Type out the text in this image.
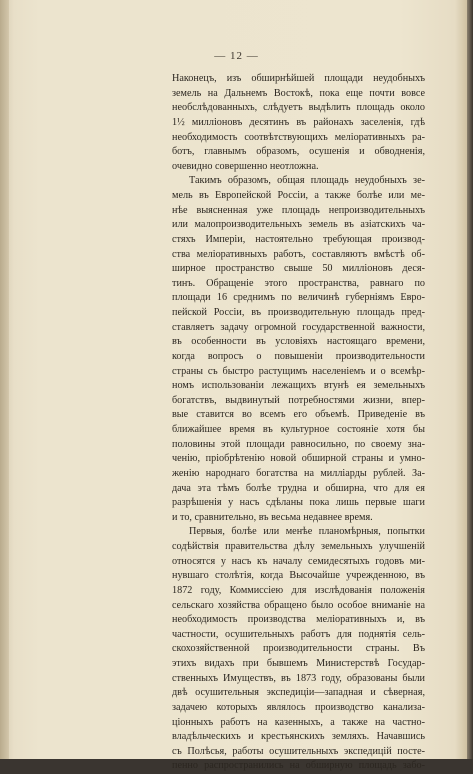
— 12 —
Наконецъ, изъ обширнѣйшей площади неудобныхъ
земель на Дальнемъ Востокѣ, пока еще почти вовсе
необслѣдованныхъ, слѣдуетъ выдѣлить площадь около
1½ милліоновъ десятинъ въ районахъ заселенія, гдѣ
необходимость соотвѣтствующихъ мелioративныхъ ра-
ботъ, главнымъ образомъ, осушенія и обводненія,
очевидно совершенно неотложна.
Такимъ образомъ, общая площадь неудобныхъ зе-
мель въ Европейской Россіи, а также болѣе или ме-
нѣе выясненная уже площадь непроизводительныхъ
или малопроизводительныхъ земель въ азіатскихъ ча-
стяхъ Имперіи, настоятельно требующая производ-
ства мелioративныхъ работъ, составляютъ вмѣстѣ об-
ширное пространство свыше 50 милліоновъ деся-
тинъ. Обращеніе этого пространства, равнаго по
площади 16 среднимъ по величинѣ губерніямъ Евро-
пейской Россіи, въ производительную площадь пред-
ставляетъ задачу огромной государственной важности,
въ особенности въ условіяхъ настоящаго времени,
когда вопросъ о повышеніи производительности
страны съ быстро растущимъ населеніемъ и о всемѣр-
номъ использованіи лежащихъ втунѣ ея земельныхъ
богатствъ, выдвинутый потребностями жизни, впер-
вые ставится во всемъ его объемѣ. Приведеніе въ
ближайшее время въ культурное состояніе хотя бы
половины этой площади равносильно, по своему зна-
ченію, пріобрѣтенію новой обширной страны и умно-
женію народнаго богатства на милліарды рублей. За-
дача эта тѣмъ болѣе трудна и обширна, что для ея
разрѣшенія у насъ сдѣланы пока лишь первые шаги
и то, сравнительно, въ весьма недавнее время.
Первыя, болѣе или менѣе планомѣрныя, попытки
содѣйствія правительства дѣлу земельныхъ улучшеній
относятся у насъ къ началу семидесятыхъ годовъ ми-
нувшаго столѣтія, когда Высочайше учрежденною, въ
1872 году, Коммиссіею для изслѣдованія положенія
сельскаго хозяйства обращено было особое вниманіе на
необходимость производства мелioративныхъ и, въ
частности, осушительныхъ работъ для поднятія сель-
скохозяйственной производительности страны. Въ
этихъ видахъ при бывшемъ Министерствѣ Государ-
ственныхъ Имуществъ, въ 1873 году, образованы были
двѣ осушительныя экспедиціи—западная и сѣверная,
задачею которыхъ являлось производство канализа-
ціонныхъ работъ на казенныхъ, а также на частно-
владѣльческихъ и крестьянскихъ земляхъ. Начавшись
съ Полѣсья, работы осушительныхъ экспедицій посте-
пенно распространились на обширную площадь забо-
